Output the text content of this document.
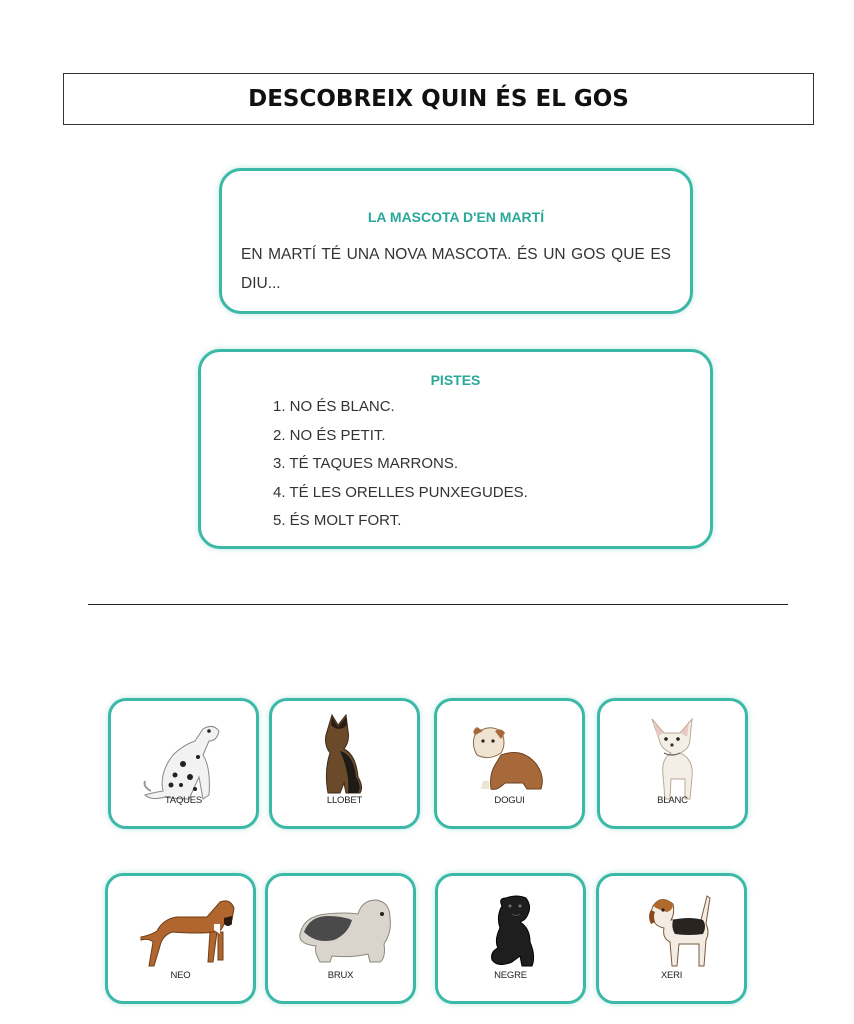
DESCOBREIX QUIN ÉS EL GOS
LA MASCOTA D'EN MARTÍ
EN MARTÍ TÉ UNA NOVA MASCOTA. ÉS UN GOS QUE ES DIU...
PISTES
1. NO ÉS BLANC.
2. NO ÉS PETIT.
3. TÉ TAQUES MARRONS.
4. TÉ LES ORELLES PUNXEGUDES.
5. ÉS MOLT FORT.
TAQUES	LLOBET	DOGUI	BLANC
NEO	BRUX	NEGRE	XERI
